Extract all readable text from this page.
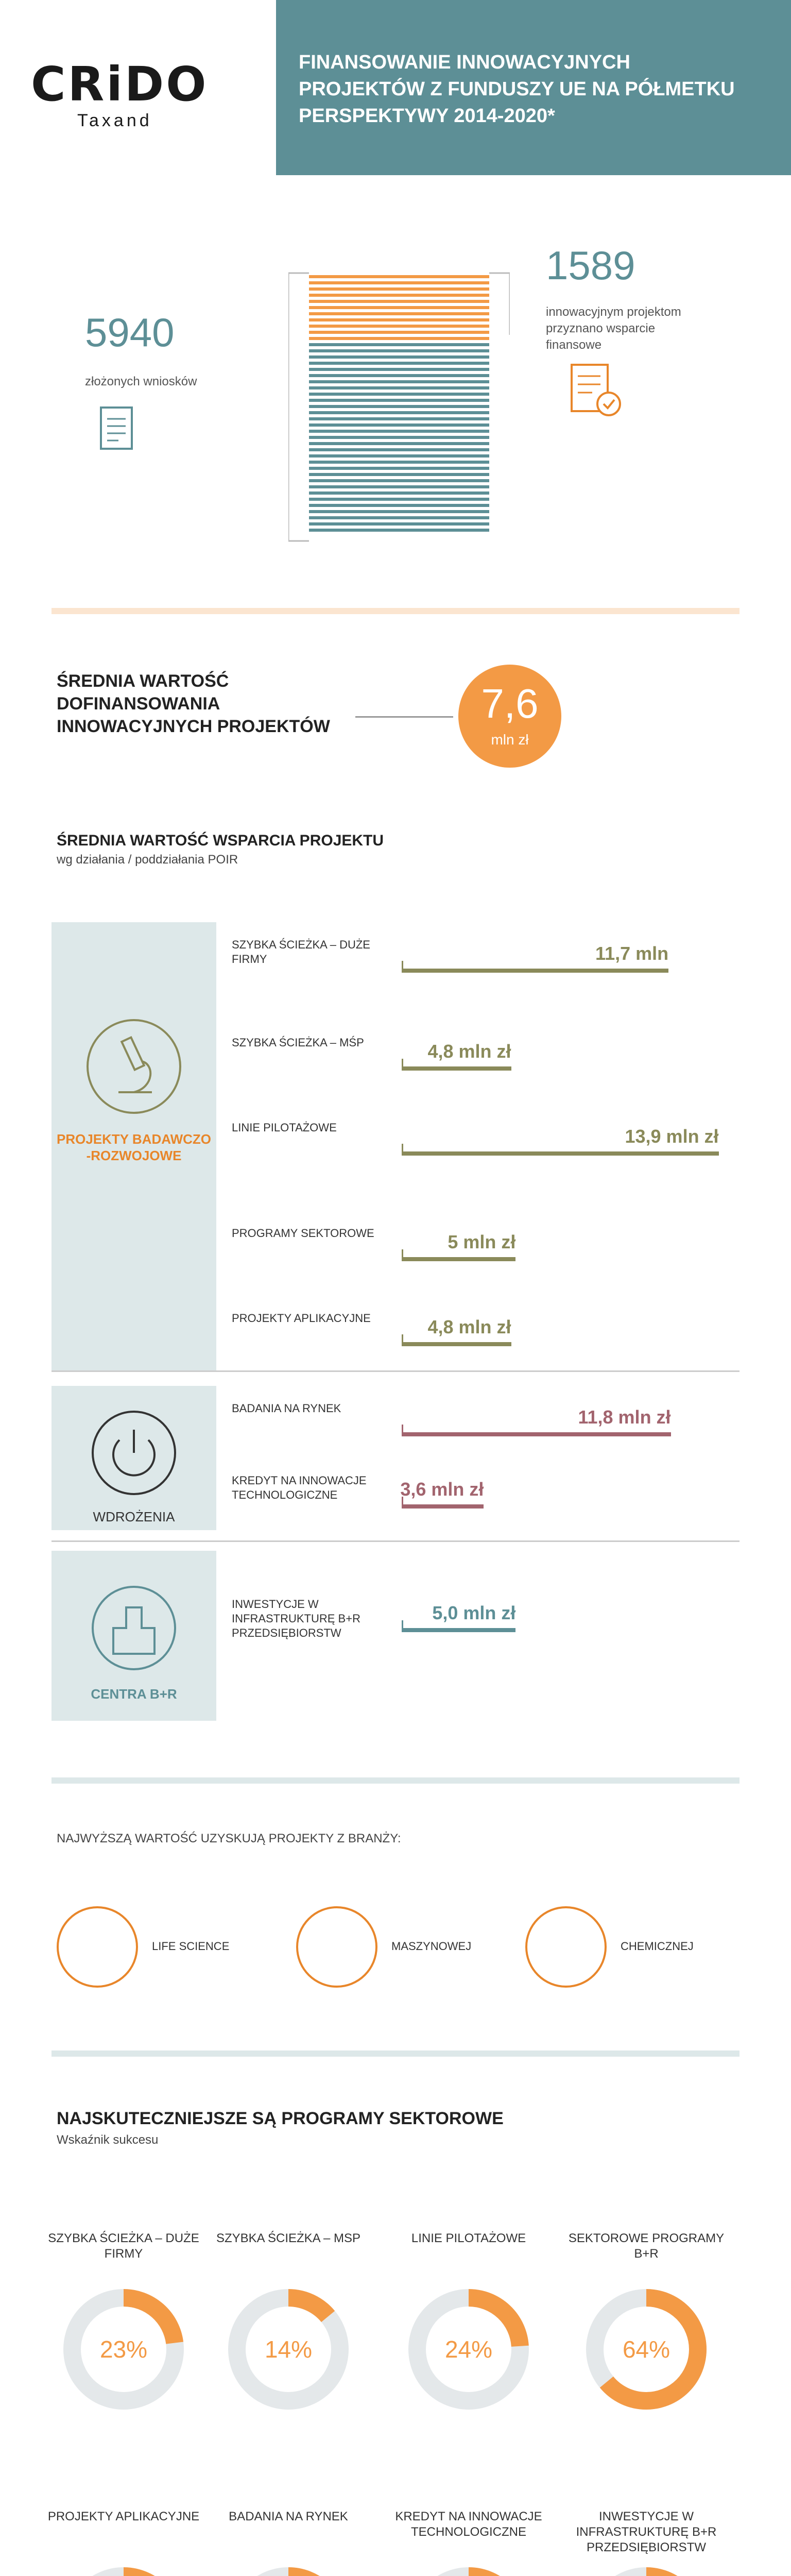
CRiDO
Taxand
FINANSOWANIE INNOWACYJNYCH PROJEKTÓW Z FUNDUSZY UE NA PÓŁMETKU PERSPEKTYWY 2014-2020*
5940
złożonych wniosków
1589
innowacyjnym projektom przyznano wsparcie finansowe
ŚREDNIA WARTOŚĆ DOFINANSOWANIA INNOWACYJNYCH PROJEKTÓW	7,6
mln zł
ŚREDNIA WARTOŚĆ WSPARCIA PROJEKTU
wg działania / poddziałania POIR
PROJEKTY BADAWCZO -ROZWOJOWE
WDROŻENIA
CENTRA B+R
SZYBKA ŚCIEŻKA – DUŻE FIRMY	11,7 mln
SZYBKA ŚCIEŻKA – MŚP	4,8 mln zł
LINIE PILOTAŻOWE	13,9 mln zł
PROGRAMY SEKTOROWE	5 mln zł
PROJEKTY APLIKACYJNE	4,8 mln zł
BADANIA NA RYNEK	11,8 mln zł
KREDYT NA INNOWACJE TECHNOLOGICZNE	3,6 mln zł
INWESTYCJE W INFRASTRUKTURĘ B+R PRZEDSIĘBIORSTW
5,0 mln zł
NAJWYŻSZĄ WARTOŚĆ UZYSKUJĄ PROJEKTY Z BRANŻY:
LIFE SCIENCE	MASZYNOWEJ	CHEMICZNEJ
NAJSKUTECZNIEJSZE SĄ PROGRAMY SEKTOROWE
Wskaźnik sukcesu
SZYBKA ŚCIEŻKA – DUŻE FIRMY
23%
SZYBKA ŚCIEŻKA – MSP
14%
LINIE PILOTAŻOWE
24%
SEKTOROWE PROGRAMY B+R
64%
PROJEKTY APLIKACYJNE	BADANIA NA RYNEK	KREDYT NA INNOWACJE TECHNOLOGICZNE
INWESTYCJE W INFRASTRUKTURĘ B+R PRZEDSIĘBIORSTW
